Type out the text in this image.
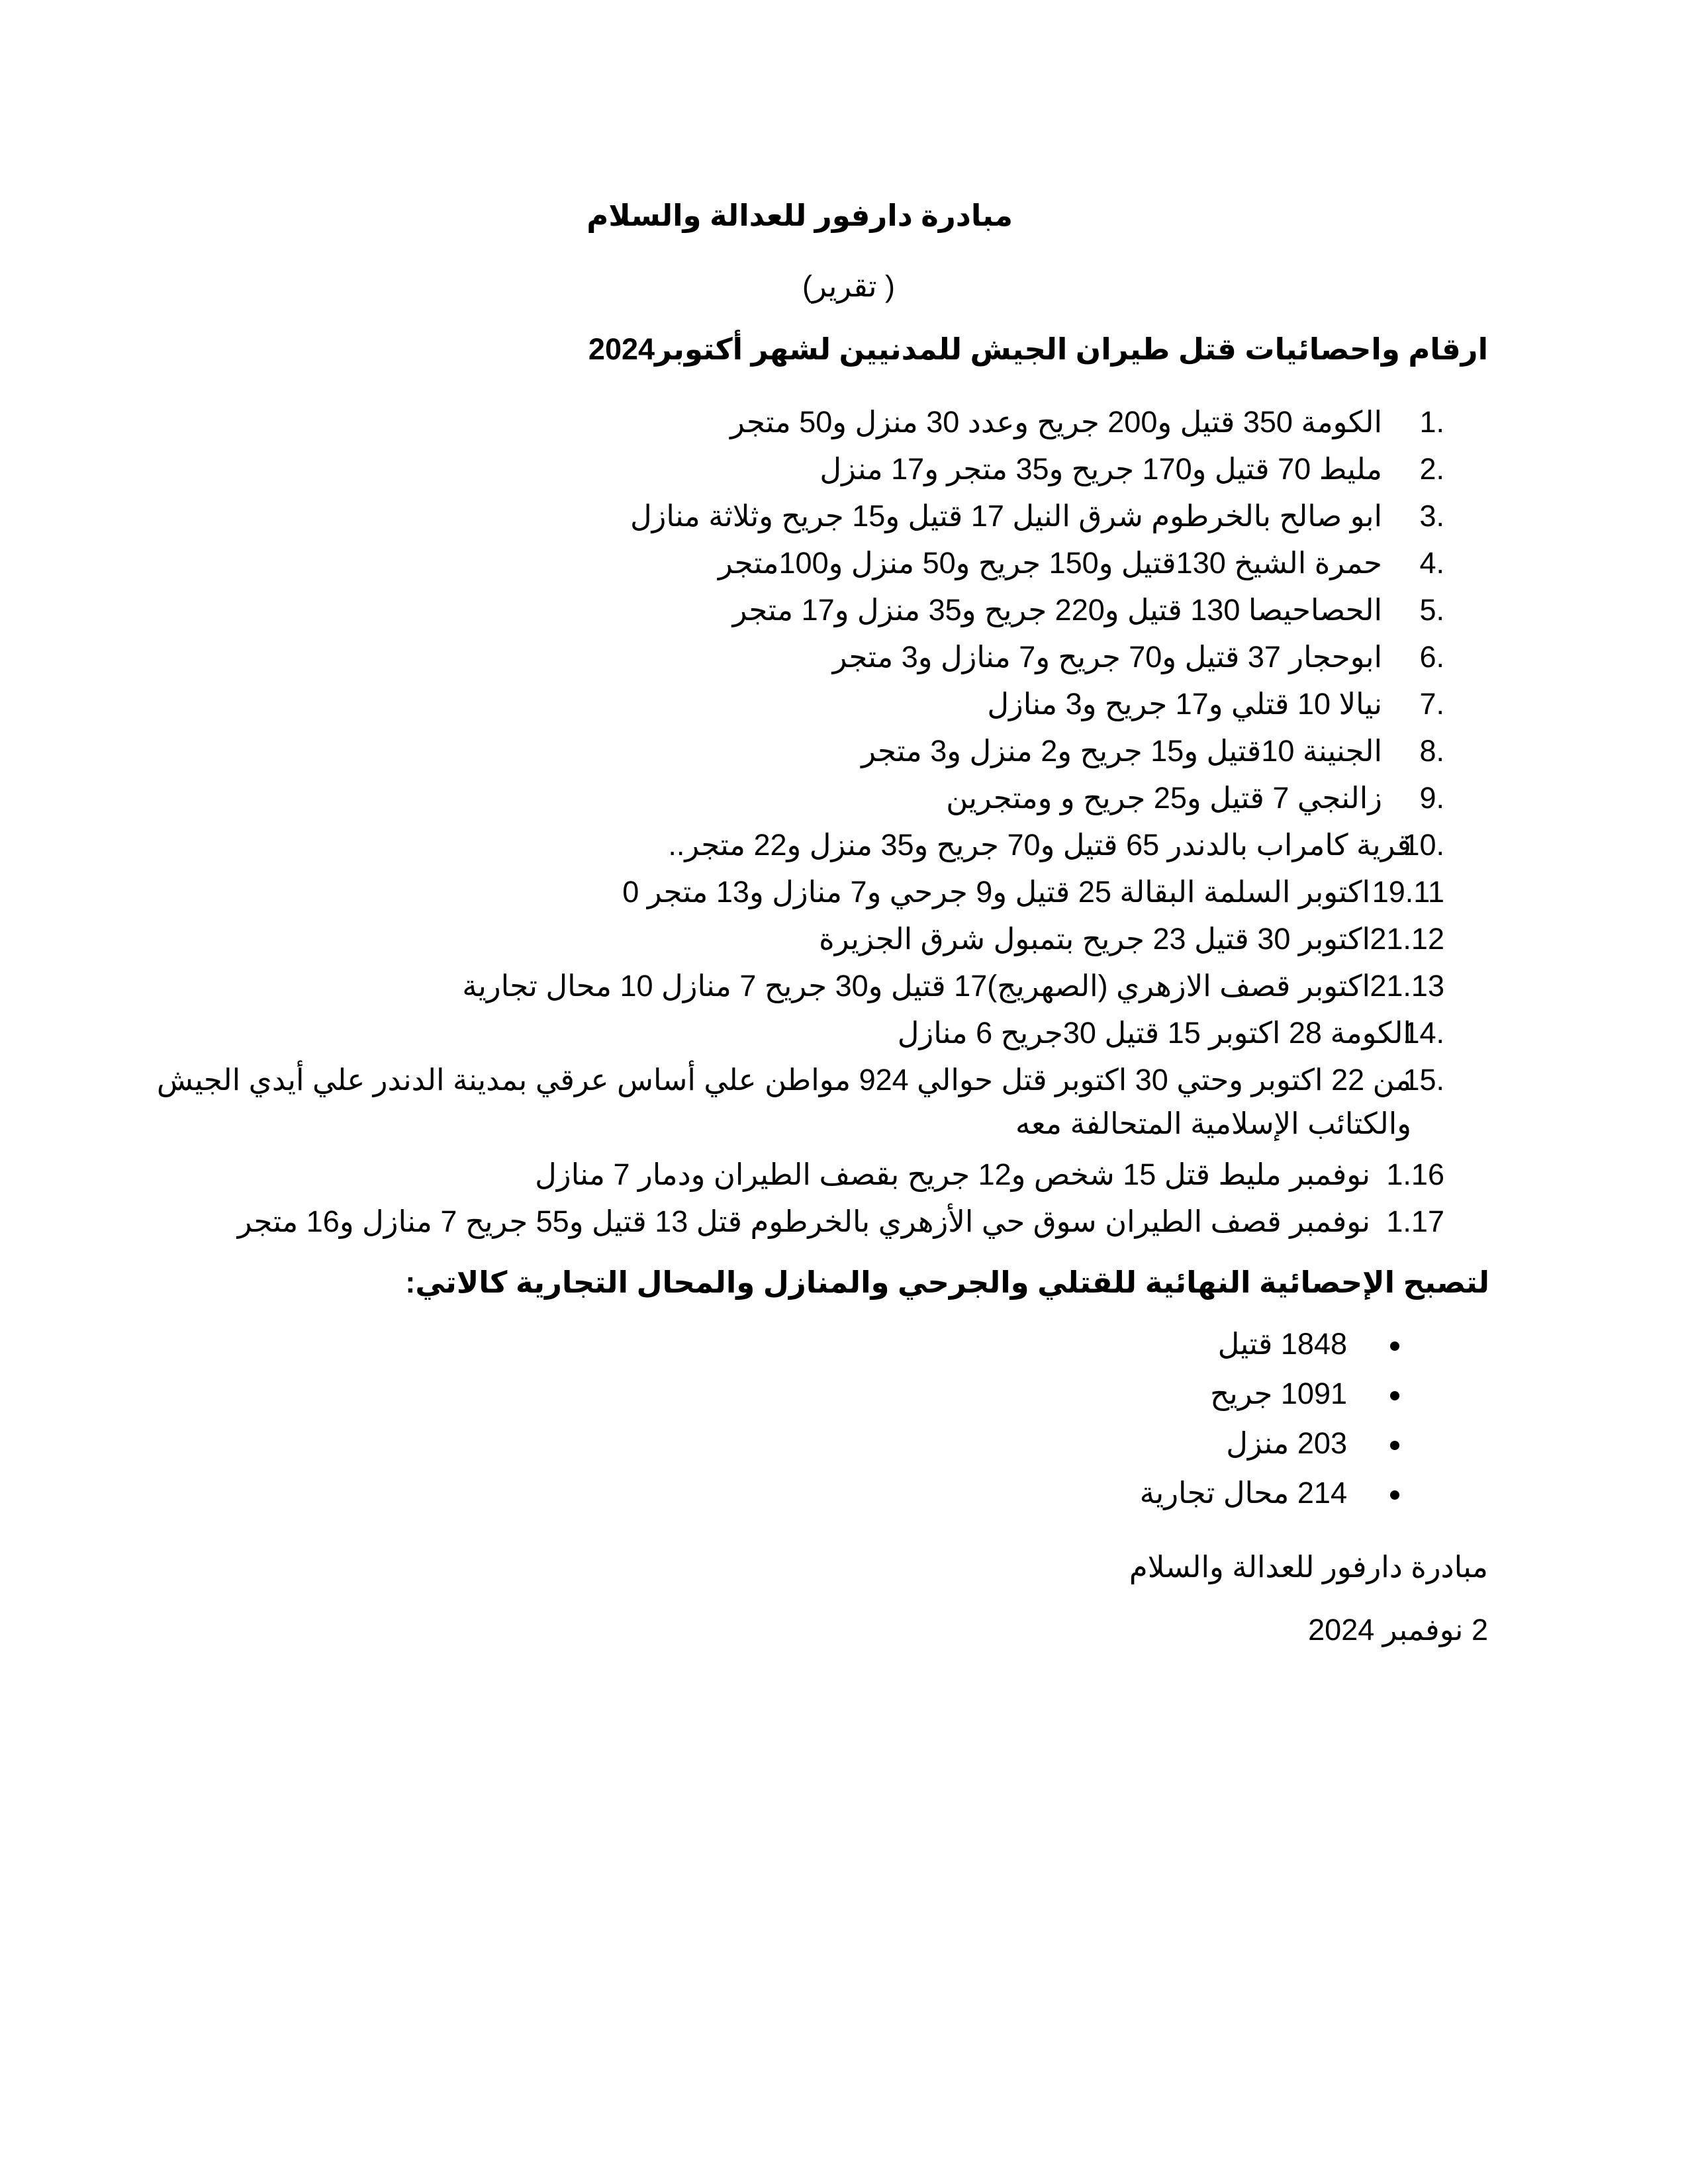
مبادرة دارفور للعدالة والسلام
( تقرير)
ارقام واحصائيات قتل طيران الجيش للمدنيين لشهر أكتوبر2024
1.
الكومة 350 قتيل و200 جريح وعدد 30 منزل و50 متجر
2.
مليط 70 قتيل و170 جريح و35 متجر و17 منزل
3.
ابو صالح بالخرطوم شرق النيل 17 قتيل و15 جريح وثلاثة منازل
4.
حمرة الشيخ 130قتيل و150 جريح و50 منزل و100متجر
5.
الحصاحيصا 130 قتيل و220 جريح و35 منزل و17 متجر
6.
ابوحجار 37 قتيل و70 جريح و7 منازل و3 متجر
7.
نيالا 10 قتلي و17 جريح و3 منازل
8.
الجنينة 10قتيل و15 جريح و2 منزل و3 متجر
9.
زالنجي 7 قتيل و25 جريح و ومتجرين
10.
قرية كامراب بالدندر 65 قتيل و70 جريح و35 منزل و22 متجر..
19.11
اكتوبر السلمة البقالة 25 قتيل و9 جرحي و7 منازل و13 متجر 0
21.12
اكتوبر 30 قتيل 23 جريح بتمبول شرق الجزيرة
21.13
اكتوبر قصف الازهري (الصهريج)17 قتيل و30 جريح 7 منازل 10 محال تجارية
14.
الكومة 28 اكتوبر 15 قتيل 30جريح 6 منازل
15.
من 22 اكتوبر وحتي 30 اكتوبر قتل حوالي 924 مواطن علي أساس عرقي بمدينة الدندر علي أيدي الجيش
والكتائب الإسلامية المتحالفة معه
1.16
نوفمبر مليط قتل 15 شخص و12 جريح بقصف الطيران ودمار 7 منازل
1.17
نوفمبر قصف الطيران سوق حي الأزهري بالخرطوم قتل 13 قتيل و55 جريح 7 منازل و16 متجر
لتصبح الإحصائية النهائية للقتلي والجرحي والمنازل والمحال التجارية كالاتي:
1848 قتيل
1091 جريح
203 منزل
214 محال تجارية
مبادرة دارفور للعدالة والسلام
2 نوفمبر 2024
